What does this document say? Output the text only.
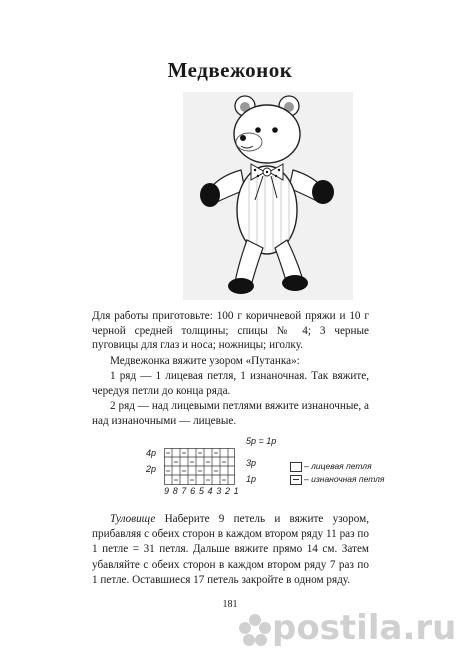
Медвежонок

Для работы приготовьте: 100 г коричневой пряжи и 10 г черной средней толщины; спицы № 4; 3 черные пуговицы для глаз и носа; ножницы; иголку.

Медвежонка вяжите узором «Путанка»:

1 ряд — 1 лицевая петля, 1 изнаночная. Так вяжите, чередуя петли до конца ряда.

2 ряд — над лицевыми петлями вяжите изнаночные, а над изнаночными — лицевые.

4р
2р
9 8 7 6 5 4 3 2 1
5р = 1р
3р
1р
– лицевая петля
– изнаночная петля

Туловище Наберите 9 петель и вяжите узором, прибавляя с обеих сторон в каждом втором ряду 11 раз по 1 петле = 31 петля. Дальше вяжите прямо 14 см. Затем убавляйте с обеих сторон в каждом втором ряду 7 раз по 1 петле. Оставшиеся 17 петель закройте в одном ряду.

181
postila.ru
